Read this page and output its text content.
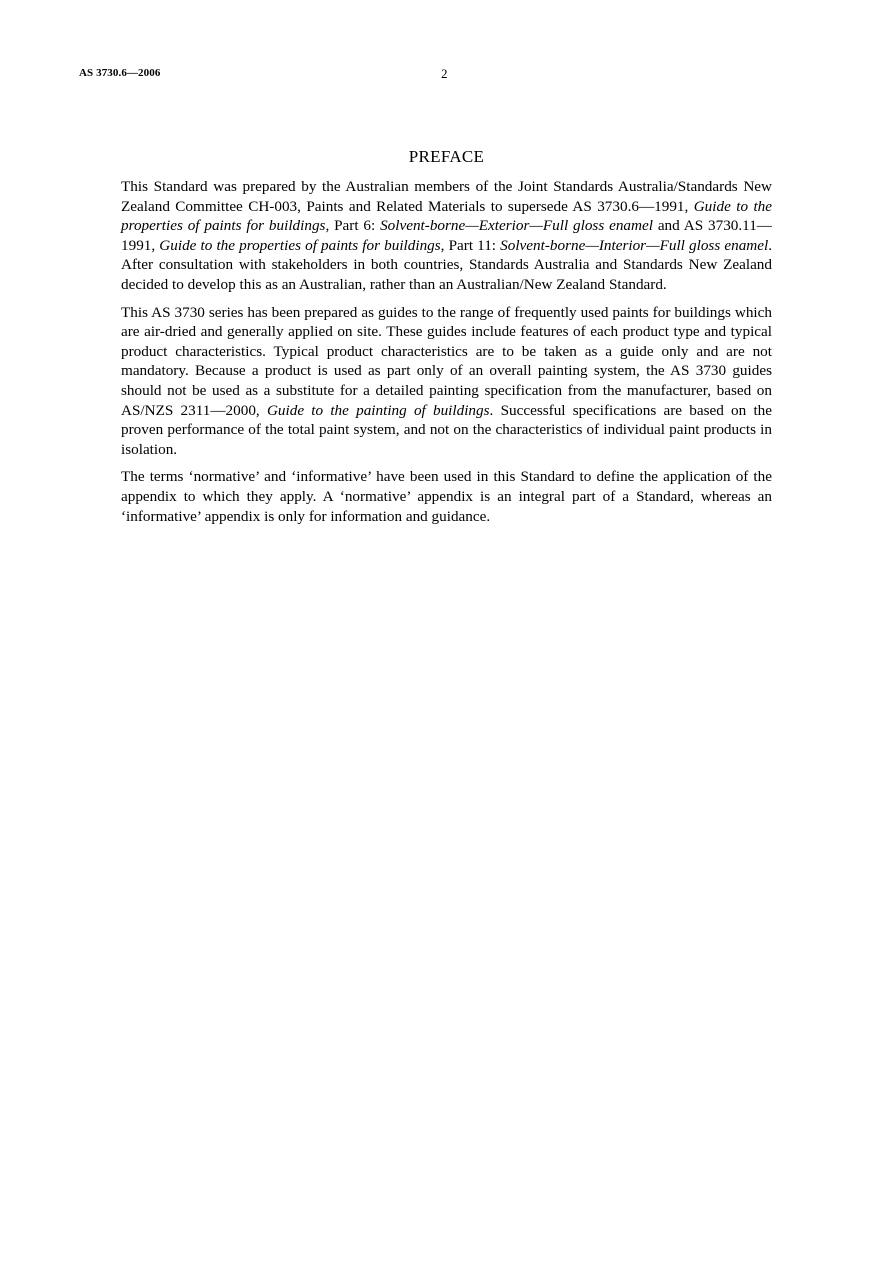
AS 3730.6—2006	2
PREFACE

This Standard was prepared by the Australian members of the Joint Standards Australia/Standards New Zealand Committee CH-003, Paints and Related Materials to supersede AS 3730.6—1991, Guide to the properties of paints for buildings, Part 6: Solvent-borne—Exterior—Full gloss enamel and AS 3730.11—1991, Guide to the properties of paints for buildings, Part 11: Solvent-borne—Interior—Full gloss enamel. After consultation with stakeholders in both countries, Standards Australia and Standards New Zealand decided to develop this as an Australian, rather than an Australian/New Zealand Standard.

This AS 3730 series has been prepared as guides to the range of frequently used paints for buildings which are air-dried and generally applied on site. These guides include features of each product type and typical product characteristics. Typical product characteristics are to be taken as a guide only and are not mandatory. Because a product is used as part only of an overall painting system, the AS 3730 guides should not be used as a substitute for a detailed painting specification from the manufacturer, based on AS/NZS 2311—2000, Guide to the painting of buildings. Successful specifications are based on the proven performance of the total paint system, and not on the characteristics of individual paint products in isolation.

The terms ‘normative’ and ‘informative’ have been used in this Standard to define the application of the appendix to which they apply. A ‘normative’ appendix is an integral part of a Standard, whereas an ‘informative’ appendix is only for information and guidance.
